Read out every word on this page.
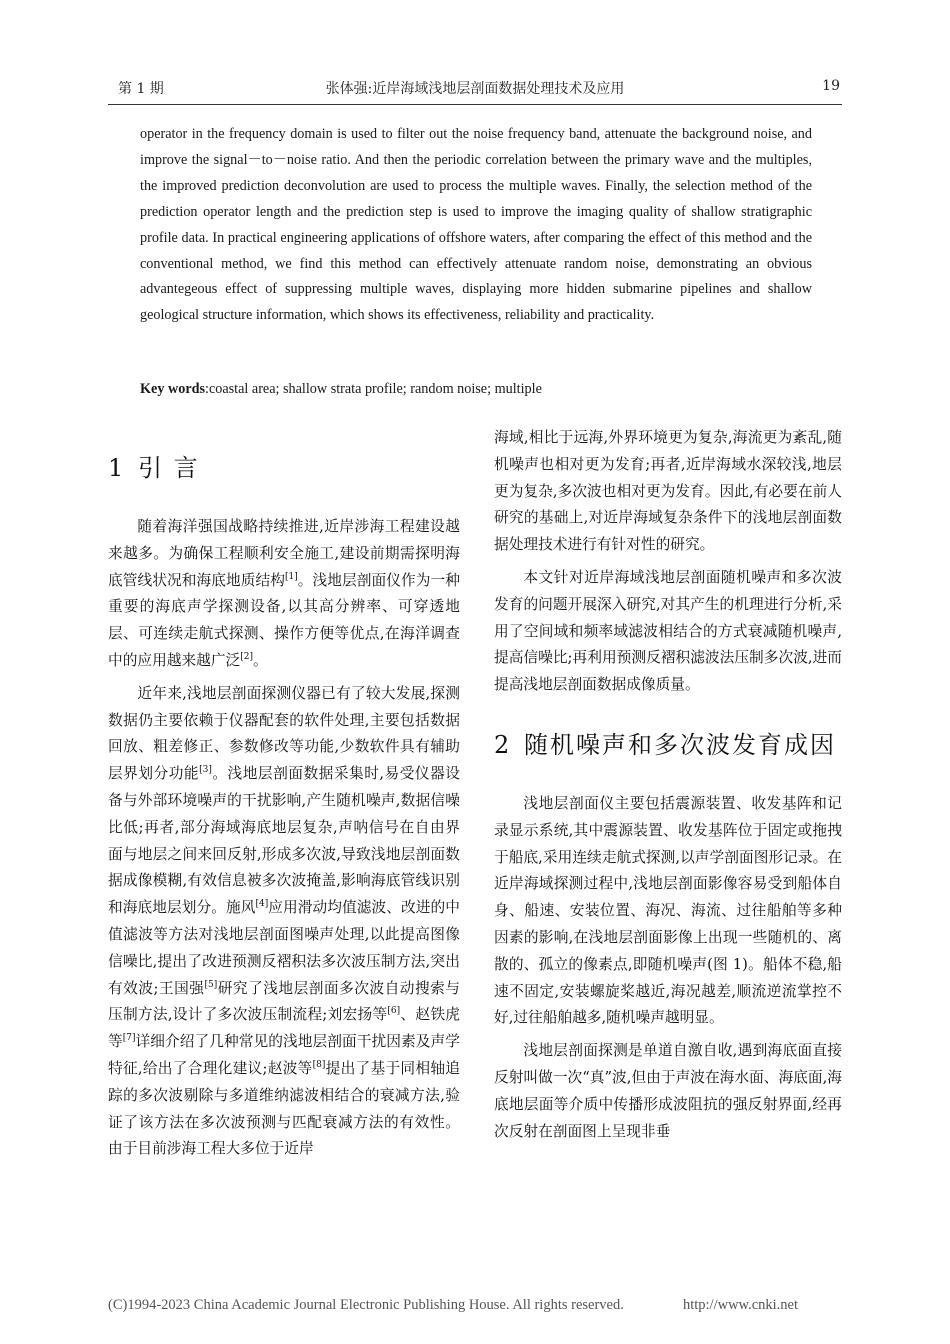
第 1 期	张体强:近岸海域浅地层剖面数据处理技术及应用	19
operator in the frequency domain is used to filter out the noise frequency band, attenuate the background noise, and improve the signal－to－noise ratio. And then the periodic correlation between the primary wave and the multiples, the improved prediction deconvolution are used to process the multiple waves. Finally, the selection method of the prediction operator length and the prediction step is used to improve the imaging quality of shallow stratigraphic profile data. In practical engineering applications of offshore waters, after comparing the effect of this method and the conventional method, we find this method can effectively attenuate random noise, demonstrating an obvious advantegeous effect of suppressing multiple waves, displaying more hidden submarine pipelines and shallow geological structure information, which shows its effectiveness, reliability and practicality.
Key words:coastal area; shallow strata profile; random noise; multiple
1 引 言

随着海洋强国战略持续推进,近岸涉海工程建设越来越多。为确保工程顺利安全施工,建设前期需探明海底管线状况和海底地质结构[1]。浅地层剖面仪作为一种重要的海底声学探测设备,以其高分辨率、可穿透地层、可连续走航式探测、操作方便等优点,在海洋调查中的应用越来越广泛[2]。

近年来,浅地层剖面探测仪器已有了较大发展,探测数据仍主要依赖于仪器配套的软件处理,主要包括数据回放、粗差修正、参数修改等功能,少数软件具有辅助层界划分功能[3]。浅地层剖面数据采集时,易受仪器设备与外部环境噪声的干扰影响,产生随机噪声,数据信噪比低;再者,部分海域海底地层复杂,声呐信号在自由界面与地层之间来回反射,形成多次波,导致浅地层剖面数据成像模糊,有效信息被多次波掩盖,影响海底管线识别和海底地层划分。施风[4]应用滑动均值滤波、改进的中值滤波等方法对浅地层剖面图噪声处理,以此提高图像信噪比,提出了改进预测反褶积法多次波压制方法,突出有效波;王国强[5]研究了浅地层剖面多次波自动搜索与压制方法,设计了多次波压制流程;刘宏扬等[6]、赵铁虎等[7]详细介绍了几种常见的浅地层剖面干扰因素及声学特征,给出了合理化建议;赵波等[8]提出了基于同相轴追踪的多次波剔除与多道维纳滤波相结合的衰减方法,验证了该方法在多次波预测与匹配衰减方法的有效性。由于目前涉海工程大多位于近岸

海域,相比于远海,外界环境更为复杂,海流更为紊乱,随机噪声也相对更为发育;再者,近岸海域水深较浅,地层更为复杂,多次波也相对更为发育。因此,有必要在前人研究的基础上,对近岸海域复杂条件下的浅地层剖面数据处理技术进行有针对性的研究。

本文针对近岸海域浅地层剖面随机噪声和多次波发育的问题开展深入研究,对其产生的机理进行分析,采用了空间域和频率域滤波相结合的方式衰减随机噪声,提高信噪比;再利用预测反褶积滤波法压制多次波,进而提高浅地层剖面数据成像质量。

2 随机噪声和多次波发育成因

浅地层剖面仪主要包括震源装置、收发基阵和记录显示系统,其中震源装置、收发基阵位于固定或拖拽于船底,采用连续走航式探测,以声学剖面图形记录。在近岸海域探测过程中,浅地层剖面影像容易受到船体自身、船速、安装位置、海况、海流、过往船舶等多种因素的影响,在浅地层剖面影像上出现一些随机的、离散的、孤立的像素点,即随机噪声(图 1)。船体不稳,船速不固定,安装螺旋桨越近,海况越差,顺流逆流掌控不好,过往船舶越多,随机噪声越明显。

浅地层剖面探测是单道自激自收,遇到海底面直接反射叫做一次“真”波,但由于声波在海水面、海底面,海底地层面等介质中传播形成波阻抗的强反射界面,经再次反射在剖面图上呈现非垂

(C)1994-2023 China Academic Journal Electronic Publishing House. All rights reserved.	http://www.cnki.net
